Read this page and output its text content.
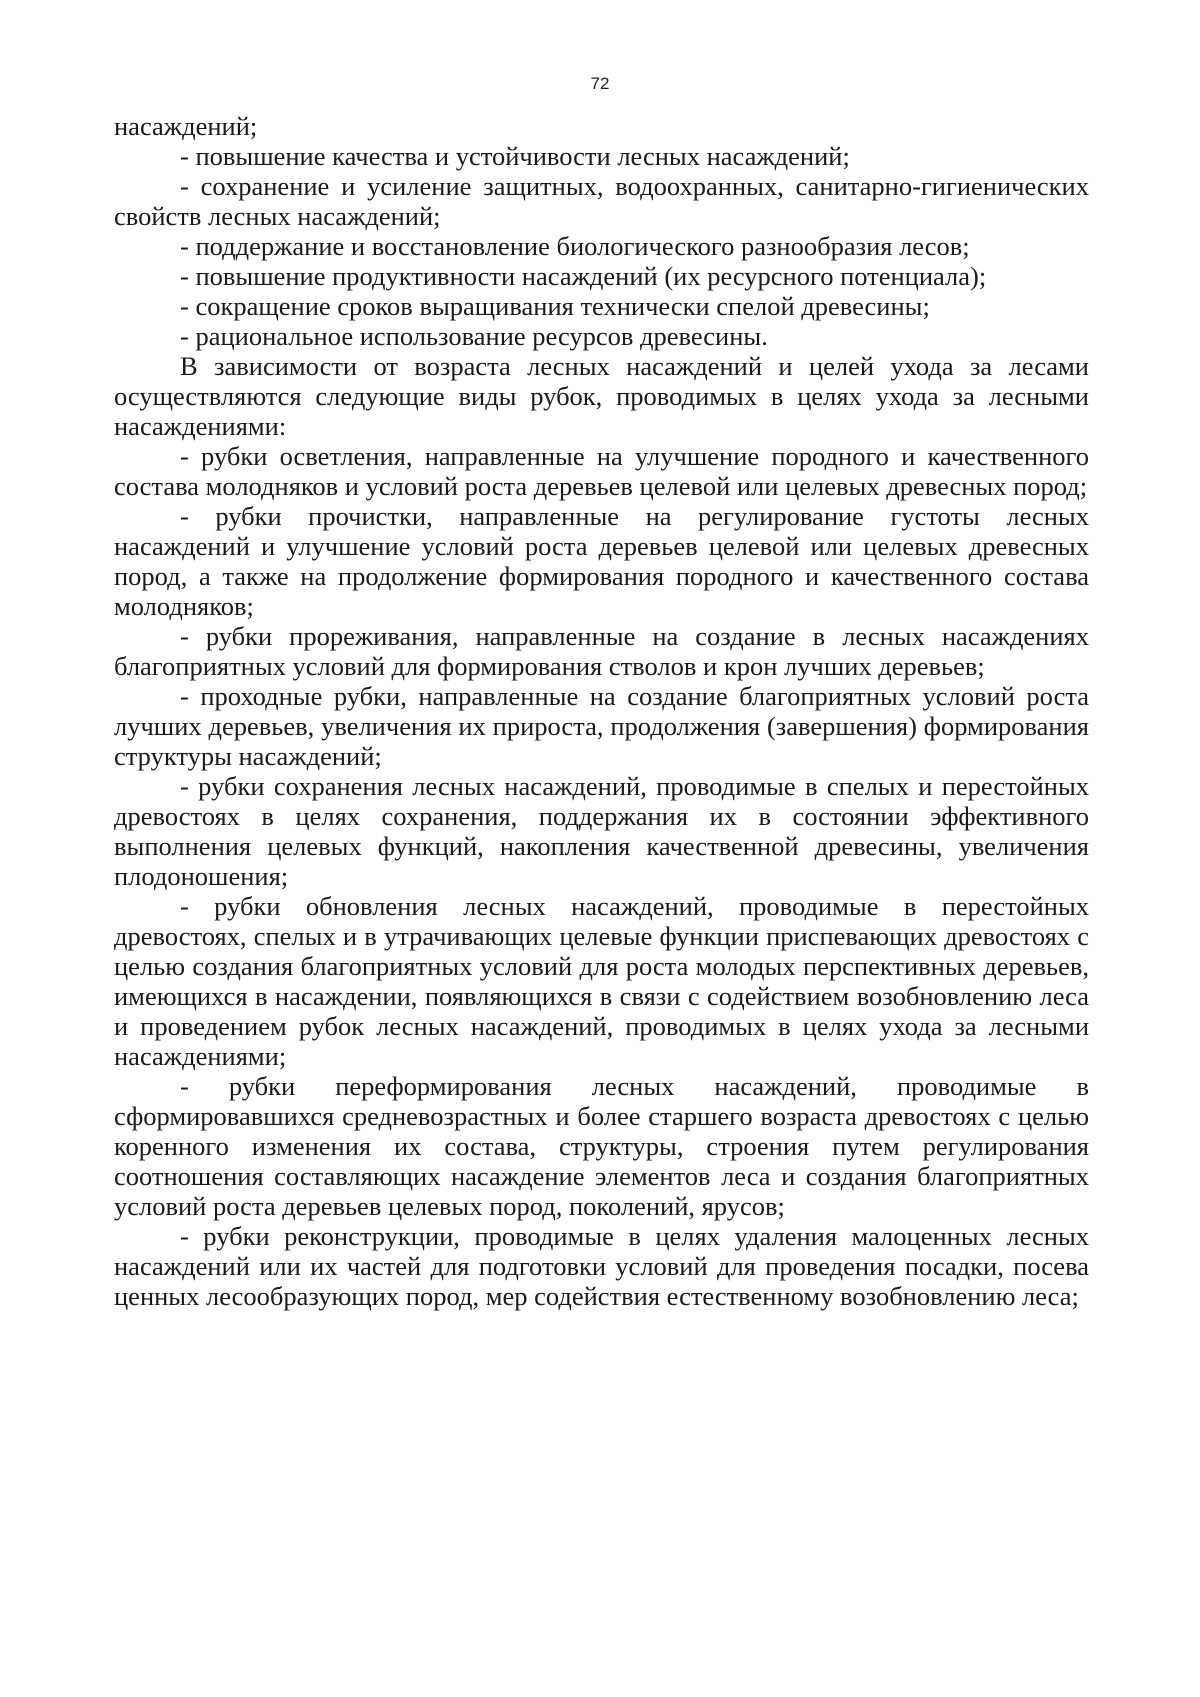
72

насаждений;

- повышение качества и устойчивости лесных насаждений;

- сохранение и усиление защитных, водоохранных, санитарно-гигиенических свойств лесных насаждений;

- поддержание и восстановление биологического разнообразия лесов;

- повышение продуктивности насаждений (их ресурсного потенциала);

- сокращение сроков выращивания технически спелой древесины;

- рациональное использование ресурсов древесины.

В зависимости от возраста лесных насаждений и целей ухода за лесами осуществляются следующие виды рубок, проводимых в целях ухода за лесными насаждениями:

- рубки осветления, направленные на улучшение породного и качественного состава молодняков и условий роста деревьев целевой или целевых древесных пород;

- рубки прочистки, направленные на регулирование густоты лесных насаждений и улучшение условий роста деревьев целевой или целевых древесных пород, а также на продолжение формирования породного и качественного состава молодняков;

- рубки прореживания, направленные на создание в лесных насаждениях благоприятных условий для формирования стволов и крон лучших деревьев;

- проходные рубки, направленные на создание благоприятных условий роста лучших деревьев, увеличения их прироста, продолжения (завершения) формирования структуры насаждений;

- рубки сохранения лесных насаждений, проводимые в спелых и перестойных древостоях в целях сохранения, поддержания их в состоянии эффективного выполнения целевых функций, накопления качественной древесины, увеличения плодоношения;

- рубки обновления лесных насаждений, проводимые в перестойных древостоях, спелых и в утрачивающих целевые функции приспевающих древостоях с целью создания благоприятных условий для роста молодых перспективных деревьев, имеющихся в насаждении, появляющихся в связи с содействием возобновлению леса и проведением рубок лесных насаждений, проводимых в целях ухода за лесными насаждениями;

- рубки переформирования лесных насаждений, проводимые в сформировавшихся средневозрастных и более старшего возраста древостоях с целью коренного изменения их состава, структуры, строения путем регулирования соотношения составляющих насаждение элементов леса и создания благоприятных условий роста деревьев целевых пород, поколений, ярусов;

- рубки реконструкции, проводимые в целях удаления малоценных лесных насаждений или их частей для подготовки условий для проведения посадки, посева ценных лесообразующих пород, мер содействия естественному возобновлению леса;
